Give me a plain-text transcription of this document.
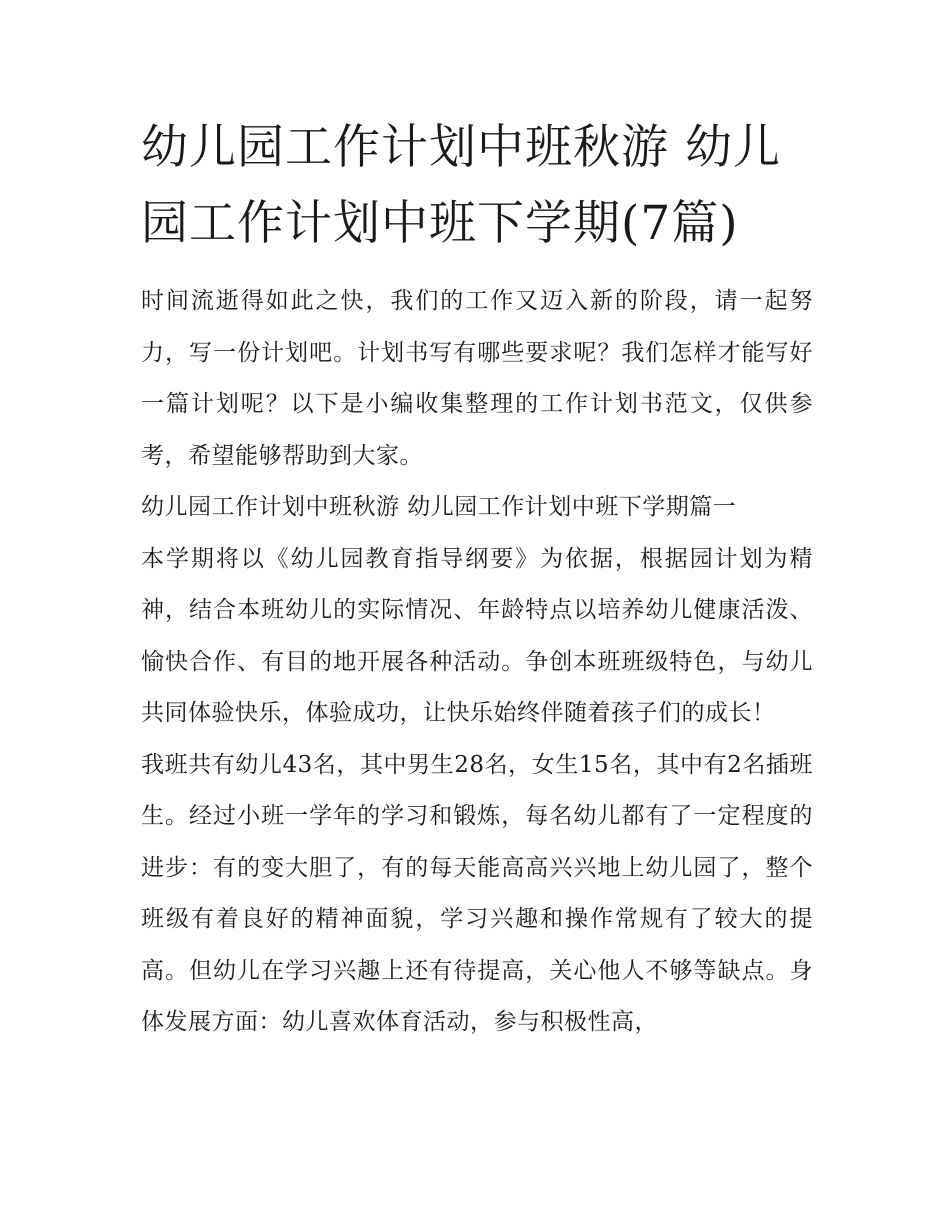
幼儿园工作计划中班秋游 幼儿园工作计划中班下学期(7篇)

时间流逝得如此之快，我们的工作又迈入新的阶段，请一起努力，写一份计划吧。计划书写有哪些要求呢？我们怎样才能写好一篇计划呢？以下是小编收集整理的工作计划书范文，仅供参考，希望能够帮助到大家。

幼儿园工作计划中班秋游 幼儿园工作计划中班下学期篇一

本学期将以《幼儿园教育指导纲要》为依据，根据园计划为精神，结合本班幼儿的实际情况、年龄特点以培养幼儿健康活泼、愉快合作、有目的地开展各种活动。争创本班班级特色，与幼儿共同体验快乐，体验成功，让快乐始终伴随着孩子们的成长！

我班共有幼儿43名，其中男生28名，女生15名，其中有2名插班生。经过小班一学年的学习和锻炼，每名幼儿都有了一定程度的进步：有的变大胆了，有的每天能高高兴兴地上幼儿园了，整个班级有着良好的精神面貌，学习兴趣和操作常规有了较大的提高。但幼儿在学习兴趣上还有待提高，关心他人不够等缺点。身体发展方面：幼儿喜欢体育活动，参与积极性高，
